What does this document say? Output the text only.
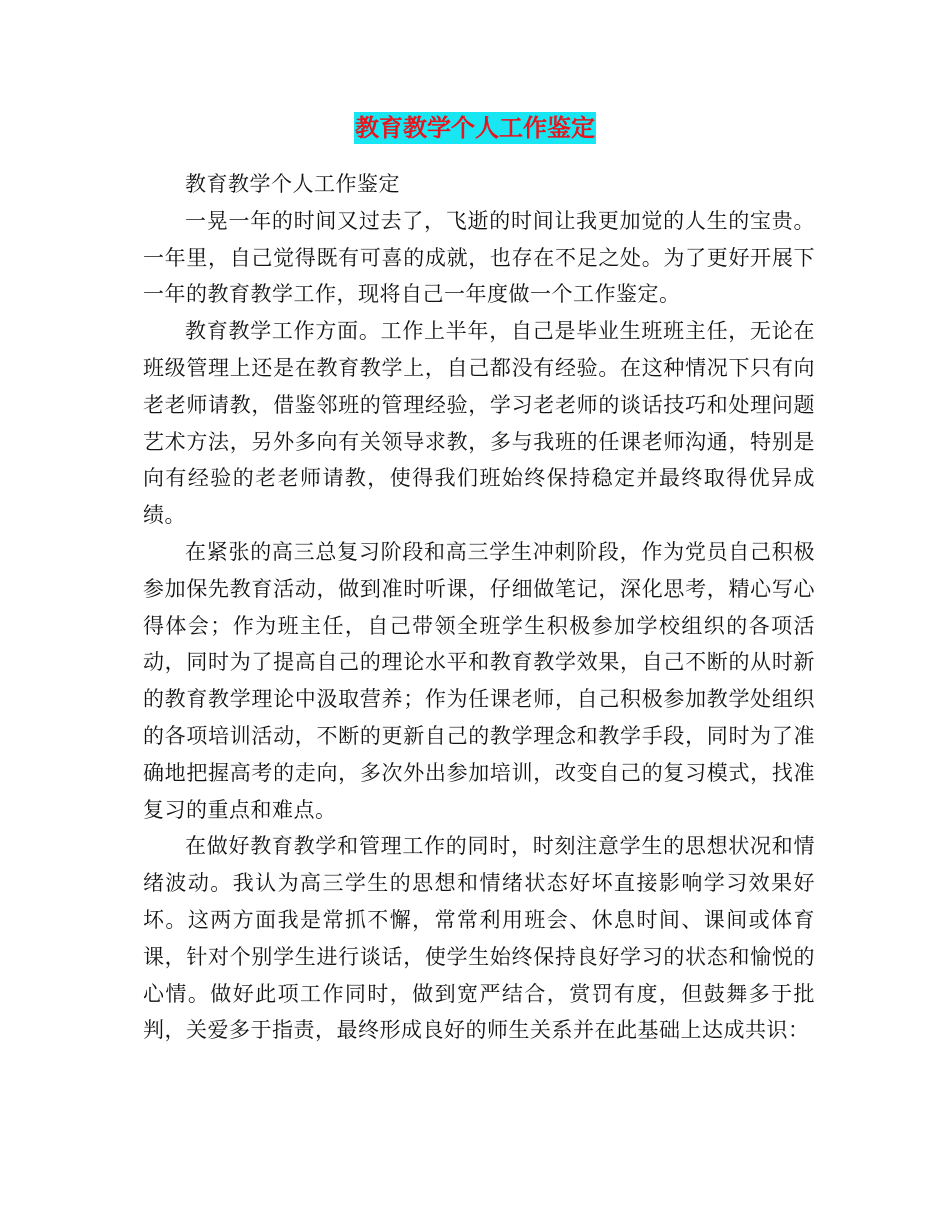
教育教学个人工作鉴定

教育教学个人工作鉴定

一晃一年的时间又过去了，飞逝的时间让我更加觉的人生的宝贵。一年里，自己觉得既有可喜的成就，也存在不足之处。为了更好开展下一年的教育教学工作，现将自己一年度做一个工作鉴定。

教育教学工作方面。工作上半年，自己是毕业生班班主任，无论在班级管理上还是在教育教学上，自己都没有经验。在这种情况下只有向老老师请教，借鉴邻班的管理经验，学习老老师的谈话技巧和处理问题艺术方法，另外多向有关领导求教，多与我班的任课老师沟通，特别是向有经验的老老师请教，使得我们班始终保持稳定并最终取得优异成绩。

在紧张的高三总复习阶段和高三学生冲刺阶段，作为党员自己积极参加保先教育活动，做到准时听课，仔细做笔记，深化思考，精心写心得体会；作为班主任，自己带领全班学生积极参加学校组织的各项活动，同时为了提高自己的理论水平和教育教学效果，自己不断的从时新的教育教学理论中汲取营养；作为任课老师，自己积极参加教学处组织的各项培训活动，不断的更新自己的教学理念和教学手段，同时为了准确地把握高考的走向，多次外出参加培训，改变自己的复习模式，找准复习的重点和难点。

在做好教育教学和管理工作的同时，时刻注意学生的思想状况和情绪波动。我认为高三学生的思想和情绪状态好坏直接影响学习效果好坏。这两方面我是常抓不懈，常常利用班会、休息时间、课间或体育课，针对个别学生进行谈话，使学生始终保持良好学习的状态和愉悦的心情。做好此项工作同时，做到宽严结合，赏罚有度，但鼓舞多于批判，关爱多于指责，最终形成良好的师生关系并在此基础上达成共识：
